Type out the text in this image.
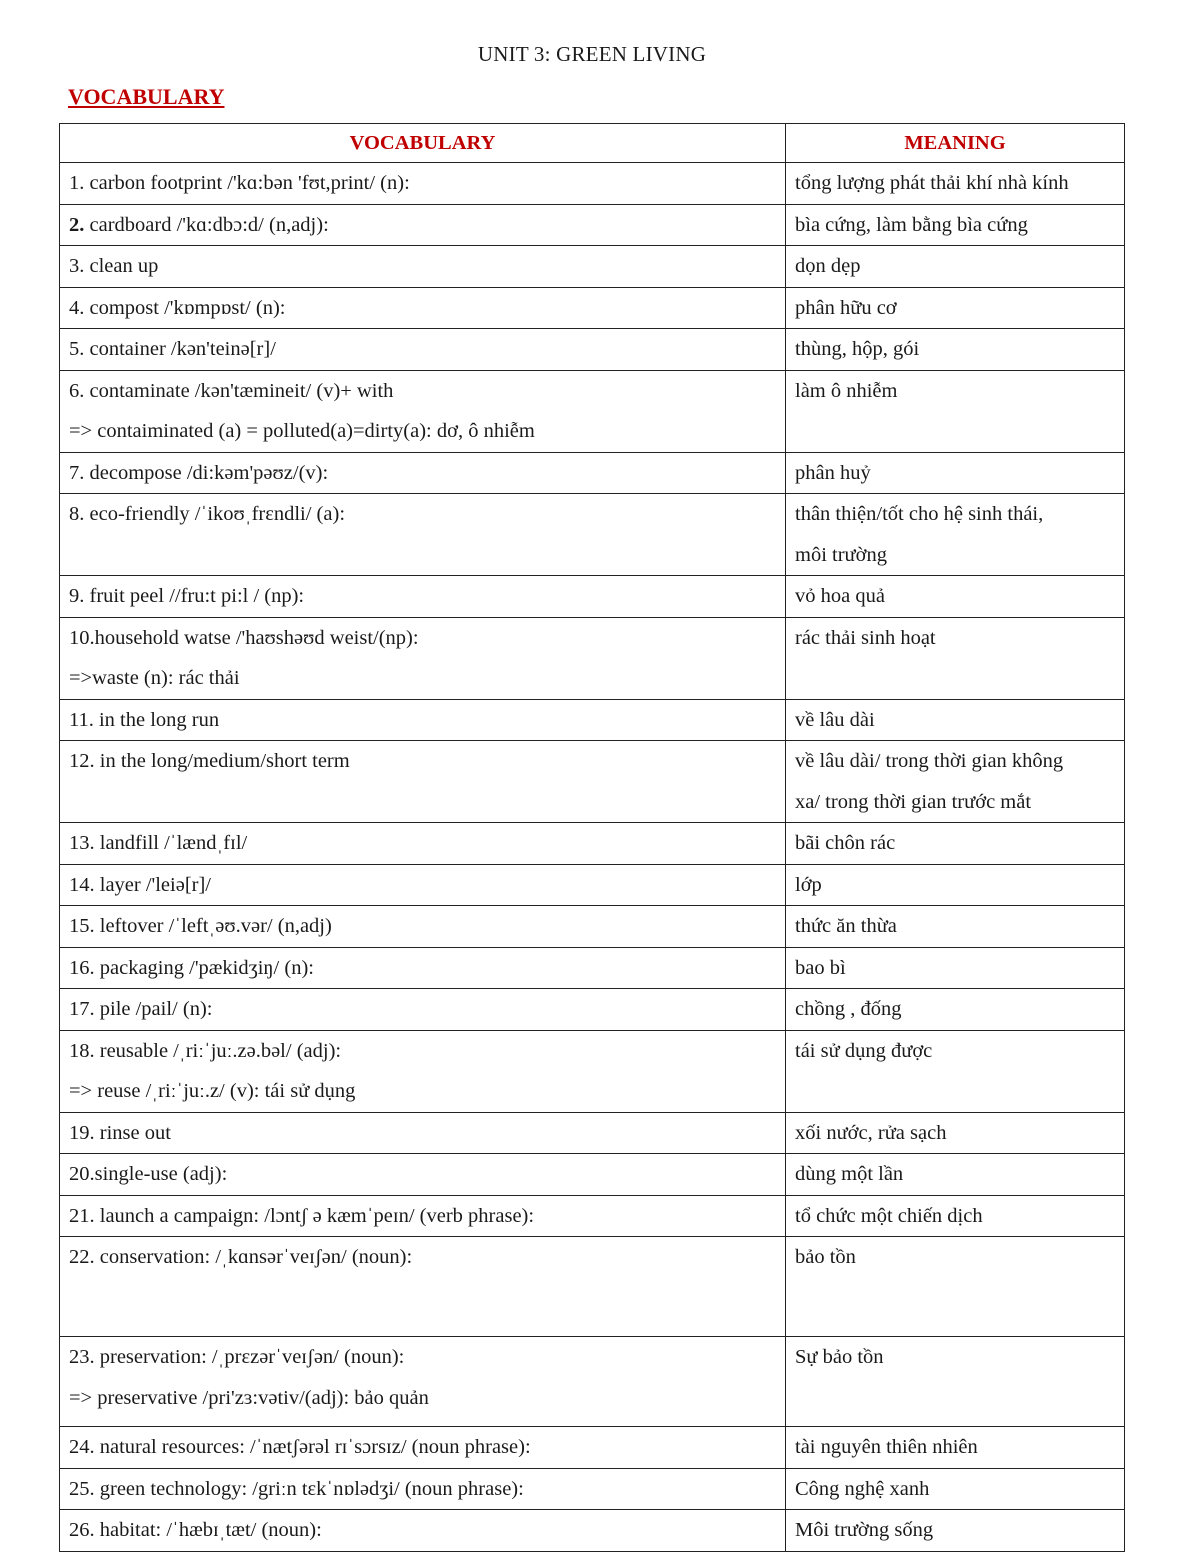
UNIT 3: GREEN LIVING
VOCABULARY
VOCABULARY	MEANING

1. carbon footprint /'kɑ:bən 'fʊt,print/ (n):	tổng lượng phát thải khí nhà kính

2. cardboard /'kɑ:dbɔ:d/ (n,adj):	bìa cứng, làm bằng bìa cứng

3. clean up	dọn dẹp

4. compost /'kɒmpɒst/ (n):	phân hữu cơ

5. container /kən'teinə[r]/	thùng, hộp, gói

6. contaminate /kən'tæmineit/ (v)+ with
=> contaiminated (a) = polluted(a)=dirty(a): dơ, ô nhiễm	làm ô nhiễm

7. decompose /di:kəm'pəʊz/(v):	phân huỷ

8. eco-friendly /ˈikoʊˌfrɛndli/ (a):	thân thiện/tốt cho hệ sinh thái,
môi trường

9. fruit peel //fru:t pi:l / (np):	vỏ hoa quả

10.household watse /'haʊshəʊd weist/(np):
=>waste (n): rác thải	rác thải sinh hoạt

11. in the long run	về lâu dài

12. in the long/medium/short term	về lâu dài/ trong thời gian không
xa/ trong thời gian trước mắt

13. landfill /ˈlændˌfɪl/	bãi chôn rác

14. layer /'leiə[r]/	lớp

15. leftover /ˈleftˌəʊ.vər/ (n,adj)	thức ăn thừa

16. packaging /'pækidʒiŋ/ (n):	bao bì

17. pile /pail/ (n):	chồng , đống

18. reusable /ˌriːˈjuː.zə.bəl/ (adj):
=> reuse /ˌriːˈjuː.z/ (v): tái sử dụng	tái sử dụng được

19. rinse out	xối nước, rửa sạch

20.single-use (adj):	dùng một lần

21. launch a campaign: /lɔntʃ ə kæmˈpeɪn/ (verb phrase):	tổ chức một chiến dịch

22. conservation: /ˌkɑnsərˈveɪʃən/ (noun):	bảo tồn

23. preservation: /ˌprɛzərˈveɪʃən/ (noun):
=> preservative /pri'zɜ:vətiv/(adj): bảo quản	Sự bảo tồn

24. natural resources: /ˈnætʃərəl rɪˈsɔrsɪz/ (noun phrase):	tài nguyên thiên nhiên

25. green technology: /griːn tɛkˈnɒlədʒi/ (noun phrase):	Công nghệ xanh

26. habitat: /ˈhæbɪˌtæt/ (noun):	Môi trường sống
